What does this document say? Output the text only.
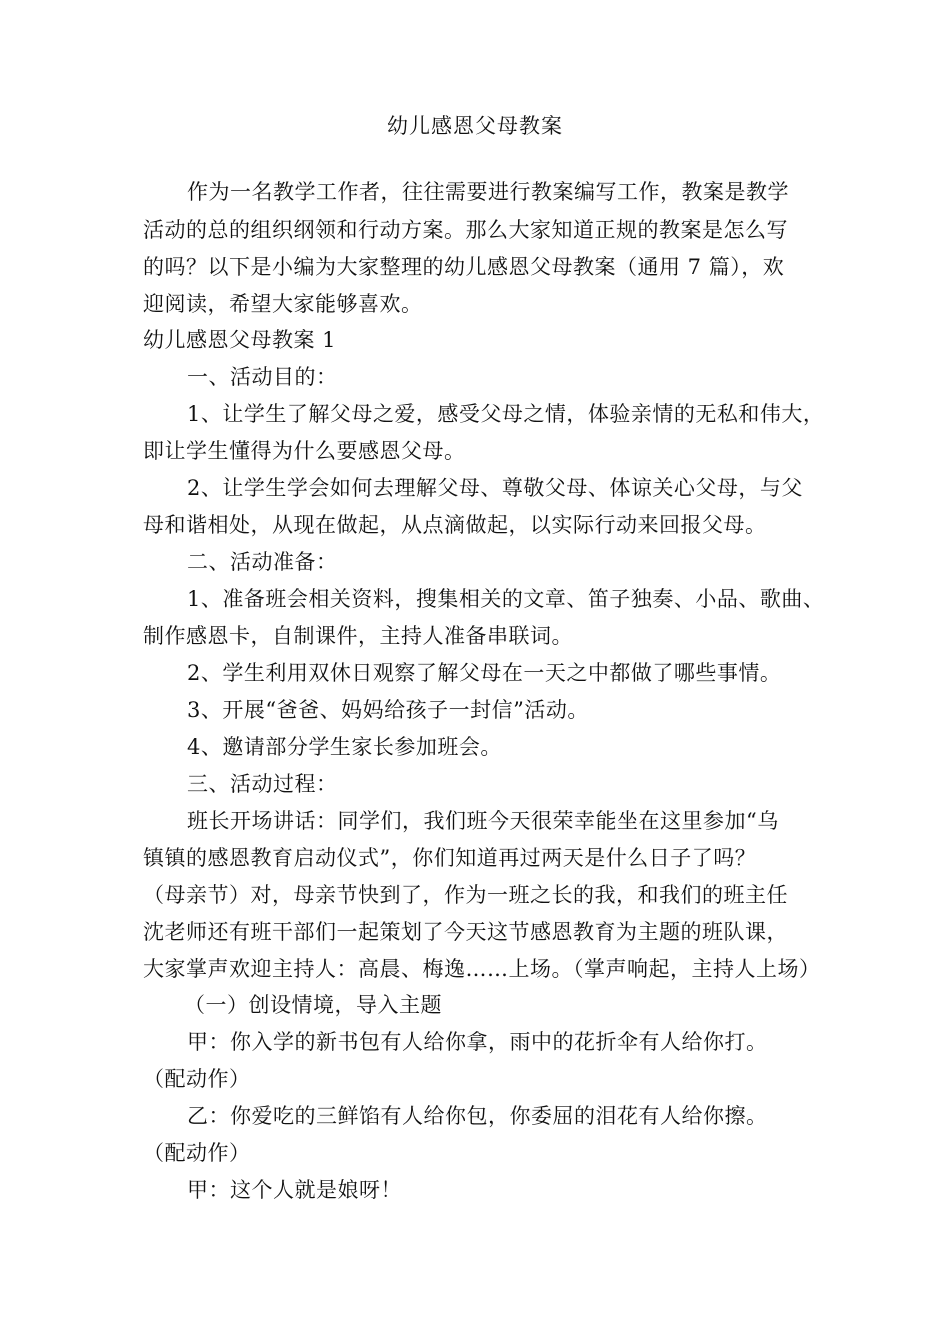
幼儿感恩父母教案
作为一名教学工作者，往往需要进行教案编写工作，教案是教学
活动的总的组织纲领和行动方案。那么大家知道正规的教案是怎么写
的吗？以下是小编为大家整理的幼儿感恩父母教案（通用 7 篇），欢
迎阅读，希望大家能够喜欢。
幼儿感恩父母教案 1
一、活动目的：
1、让学生了解父母之爱，感受父母之情，体验亲情的无私和伟大，
即让学生懂得为什么要感恩父母。
2、让学生学会如何去理解父母、尊敬父母、体谅关心父母，与父
母和谐相处，从现在做起，从点滴做起，以实际行动来回报父母。
二、活动准备：
1、准备班会相关资料，搜集相关的文章、笛子独奏、小品、歌曲、
制作感恩卡，自制课件，主持人准备串联词。
2、学生利用双休日观察了解父母在一天之中都做了哪些事情。
3、开展“爸爸、妈妈给孩子一封信”活动。
4、邀请部分学生家长参加班会。
三、活动过程：
班长开场讲话：同学们，我们班今天很荣幸能坐在这里参加“乌
镇镇的感恩教育启动仪式”，你们知道再过两天是什么日子了吗？
（母亲节）对，母亲节快到了，作为一班之长的我，和我们的班主任
沈老师还有班干部们一起策划了今天这节感恩教育为主题的班队课，
大家掌声欢迎主持人：高晨、梅逸……上场。（掌声响起，主持人上场）
（一）创设情境，导入主题
甲：你入学的新书包有人给你拿，雨中的花折伞有人给你打。
（配动作）
乙：你爱吃的三鲜馅有人给你包，你委屈的泪花有人给你擦。
（配动作）
甲：这个人就是娘呀！
